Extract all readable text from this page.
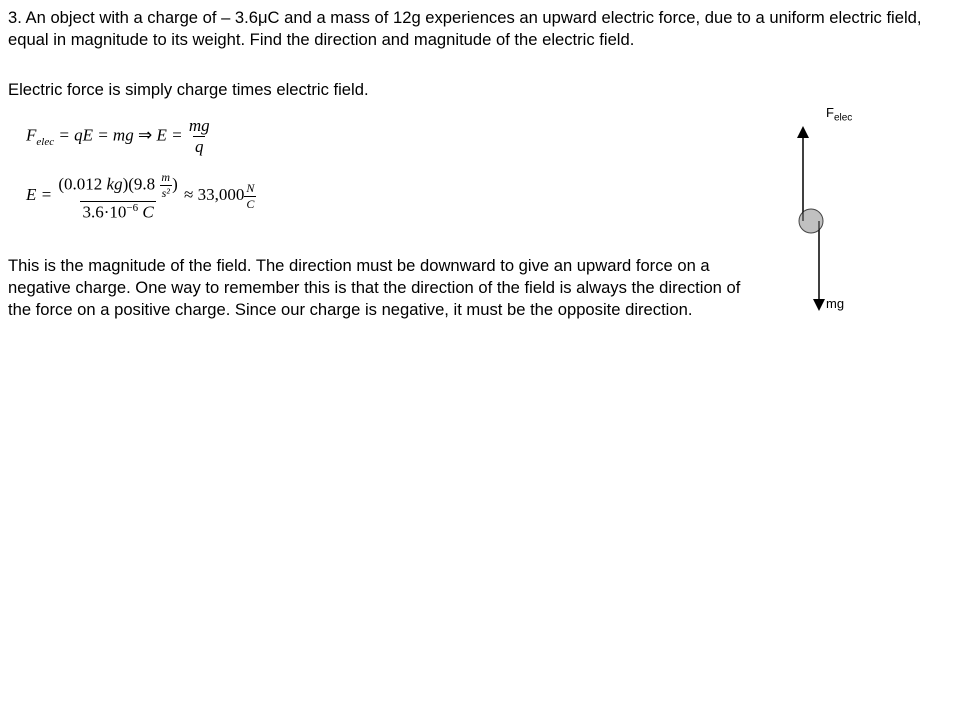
3. An object with a charge of – 3.6μC and a mass of 12g experiences an upward electric force, due to a uniform electric field, equal in magnitude to its weight. Find the direction and magnitude of the electric field.

Electric force is simply charge times electric field.

$F_{elec}$ = qE = mg ⇒ $E = \frac{mg}{q}$
$E = \frac{(0.012 kg)(9.8 \frac{m}{\text{s²}} )}{3.6\cdot 10^{-6} C} \approx 33,000 \frac{N}{C}$

This is the magnitude of the field. The direction must be downward to give an upward force on a negative charge. One way to remember this is that the direction of the field is always the direction of the force on a positive charge. Since our charge is negative, it must be the opposite direction.

$F_{elec}$
mg
